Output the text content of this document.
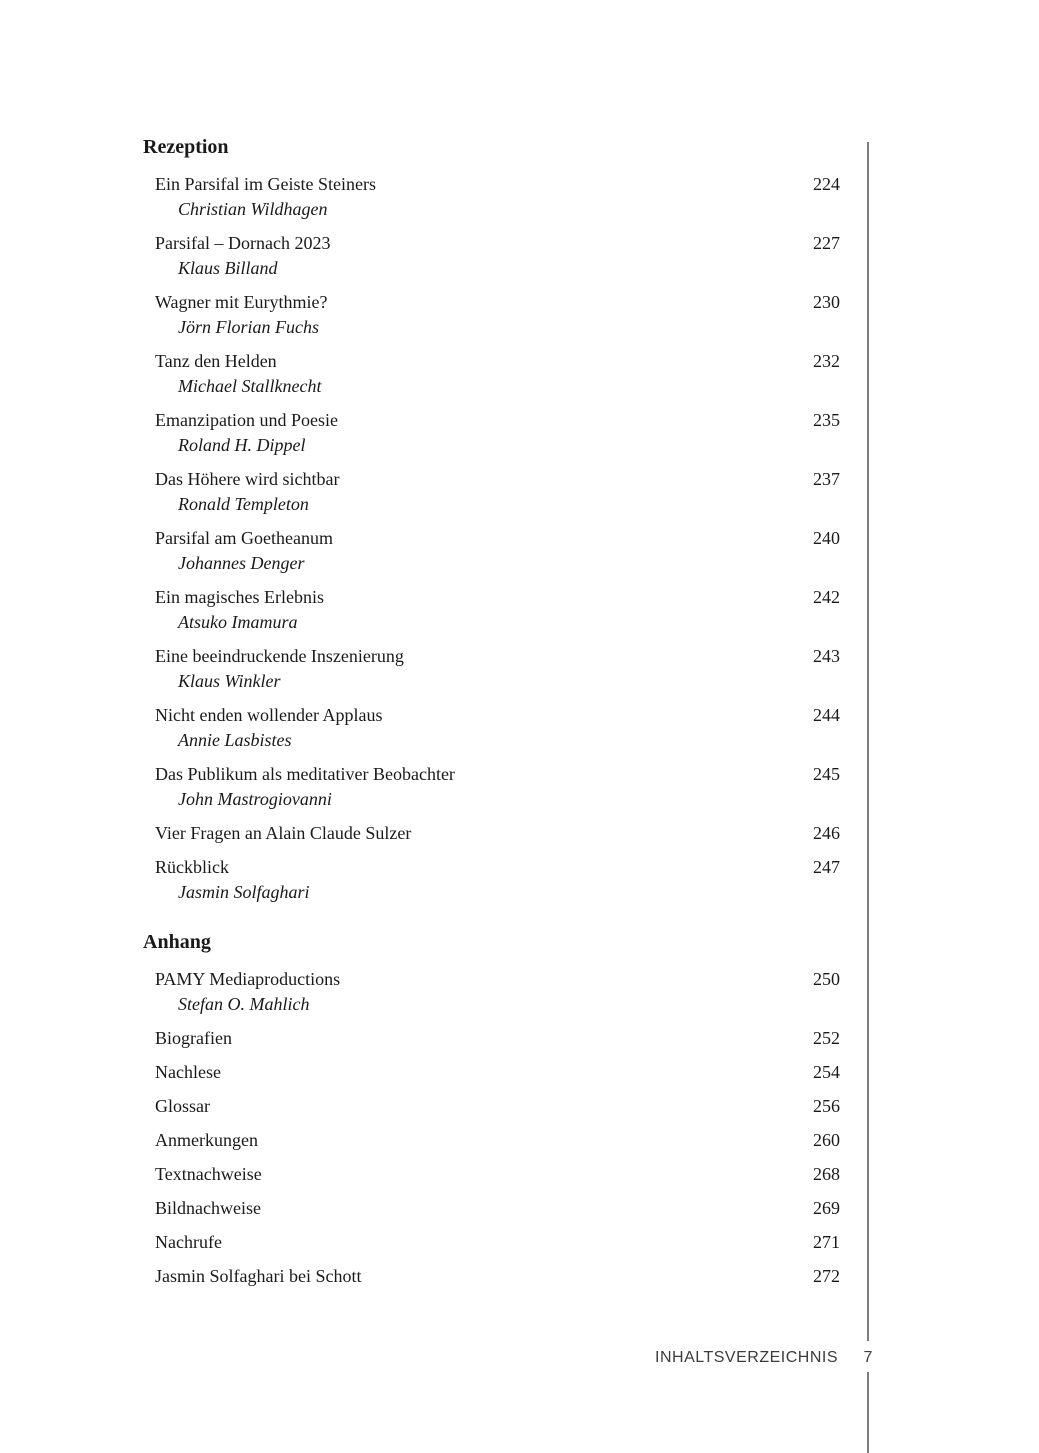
Rezeption
Ein Parsifal im Geiste Steiners	224
Christian Wildhagen
Parsifal – Dornach 2023	227
Klaus Billand
Wagner mit Eurythmie?	230
Jörn Florian Fuchs
Tanz den Helden	232
Michael Stallknecht
Emanzipation und Poesie	235
Roland H. Dippel
Das Höhere wird sichtbar	237
Ronald Templeton
Parsifal am Goetheanum	240
Johannes Denger
Ein magisches Erlebnis	242
Atsuko Imamura
Eine beeindruckende Inszenierung	243
Klaus Winkler
Nicht enden wollender Applaus	244
Annie Lasbistes
Das Publikum als meditativer Beobachter	245
John Mastrogiovanni
Vier Fragen an Alain Claude Sulzer	246
Rückblick	247
Jasmin Solfaghari
Anhang
PAMY Mediaproductions	250
Stefan O. Mahlich
Biografien	252
Nachlese	254
Glossar	256
Anmerkungen	260
Textnachweise	268
Bildnachweise	269
Nachrufe	271
Jasmin Solfaghari bei Schott	272
INHALTSVERZEICHNIS	7
